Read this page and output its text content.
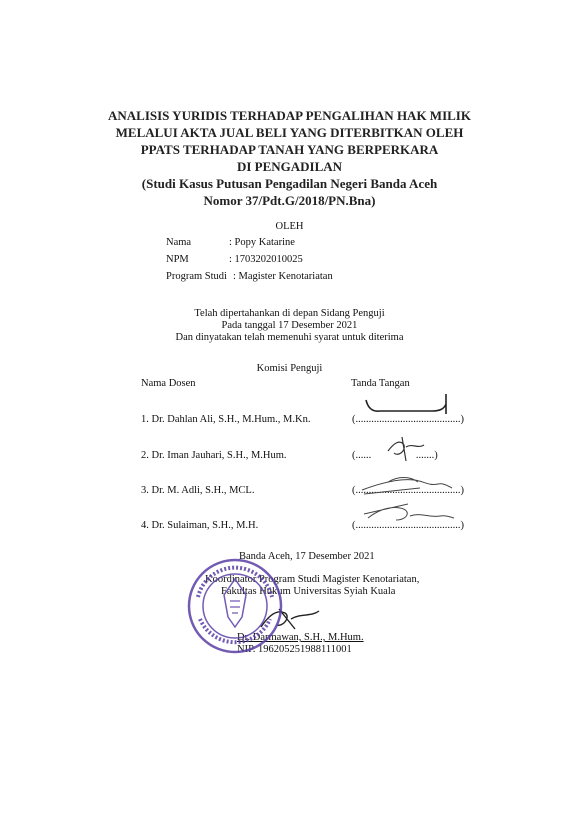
ANALISIS YURIDIS TERHADAP PENGALIHAN HAK MILIK
MELALUI AKTA JUAL BELI YANG DITERBITKAN OLEH
PPATS TERHADAP TANAH YANG BERPERKARA
DI PENGADILAN
(Studi Kasus Putusan Pengadilan Negeri Banda Aceh
Nomor 37/Pdt.G/2018/PN.Bna)
OLEH
Nama	: Popy Katarine
NPM	: 1703202010025
Program Studi : Magister Kenotariatan
Telah dipertahankan di depan Sidang Penguji
Pada tanggal 17 Desember 2021
Dan dinyatakan telah memenuhi syarat untuk diterima
Komisi Penguji
Nama Dosen	Tanda Tangan
1. Dr. Dahlan Ali, S.H., M.Hum., M.Kn.	(........................................)
2. Dr. Iman Jauhari, S.H., M.Hum.	(......                 .......)
3. Dr. M. Adli, S.H., MCL.	(........................................)
4. Dr. Sulaiman, S.H., M.H.	(........................................)
Banda Aceh, 17 Desember 2021
Koordinator Program Studi Magister Kenotariatan,
Fakultas Hukum Universitas Syiah Kuala
Dr. Darmawan, S.H., M.Hum.
NIP. 196205251988111001
